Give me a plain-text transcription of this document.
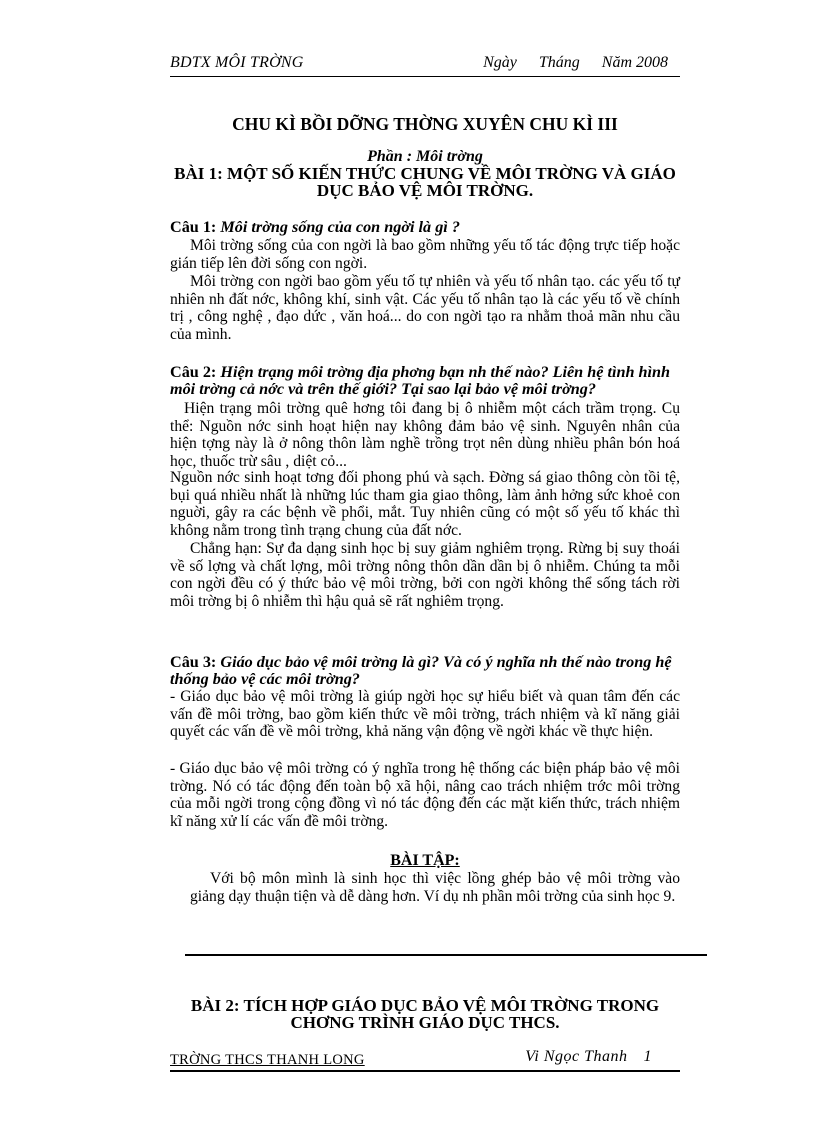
BDTX MÔI TRỜNG	Ngày Tháng Năm 2008
CHU KÌ BỒI DỠNG THỜNG XUYÊN CHU KÌ III
Phần : Môi trờng
BÀI 1: MỘT SỐ KIẾN THỨC CHUNG VỀ MÔI TRỜNG VÀ GIÁO
DỤC BẢO VỆ MÔI TRỜNG.
Câu 1: Môi trờng sống của con ngời là gì ?
Môi trờng sống của con ngời là bao gồm những yếu tố tác động trực tiếp hoặc gián tiếp lên đời sống con ngời.
Môi trờng con ngời bao gồm yếu tố tự nhiên và yếu tố nhân tạo. các yếu tố tự nhiên nh đất nớc, không khí, sinh vật. Các yếu tố nhân tạo là các yếu tố về chính trị , công nghệ , đạo dức , văn hoá... do con ngời tạo ra nhằm thoả mãn nhu cầu của mình.
Câu 2: Hiện trạng môi trờng địa phơng bạn nh thế nào? Liên hệ tình hình môi trờng cả nớc và trên thế giới? Tại sao lại bảo vệ môi trờng?
Hiện trạng môi trờng quê hơng tôi đang bị ô nhiễm một cách trầm trọng. Cụ thể: Nguồn nớc sinh hoạt hiện nay không đảm bảo vệ sinh. Nguyên nhân của hiện tợng này là ở nông thôn làm nghề trồng trọt nên dùng nhiều phân bón hoá học, thuốc trừ sâu , diệt cỏ...
Nguồn nớc sinh hoạt tơng đối phong phú và sạch. Đờng sá giao thông còn tồi tệ, bụi quá nhiều nhất là những lúc tham gia giao thông, làm ảnh hởng sức khoẻ con nguời, gây ra các bệnh về phổi, mắt. Tuy nhiên cũng có một số yếu tố khác thì không nằm trong tình trạng chung của đất nớc.
Chẳng hạn: Sự đa dạng sinh học bị suy giảm nghiêm trọng. Rừng bị suy thoái về số lợng và chất lợng, môi trờng nông thôn dần dần bị ô nhiễm. Chúng ta mỗi con ngời đều có ý thức bảo vệ môi trờng, bởi con ngời không thể sống tách rời môi trờng bị ô nhiễm thì hậu quả sẽ rất nghiêm trọng.
Câu 3: Giáo dục bảo vệ môi trờng là gì? Và có ý nghĩa nh thế nào trong hệ thống bảo vệ các môi trờng?
- Giáo dục bảo vệ môi trờng là giúp ngời học sự hiểu biết và quan tâm đến các vấn đề môi trờng, bao gồm kiến thức về môi trờng, trách nhiệm và kĩ năng giải quyết các vấn đề về môi trờng, khả năng vận động về ngời khác về thực hiện.
- Giáo dục bảo vệ môi trờng có ý nghĩa trong hệ thống các biện pháp bảo vệ môi trờng. Nó có tác động đến toàn bộ xã hội, nâng cao trách nhiệm trớc môi trờng của mỗi ngời trong cộng đồng vì nó tác động đến các mặt kiến thức, trách nhiệm kĩ năng xử lí các vấn đề môi trờng.
BÀI TẬP:
Với bộ môn mình là sinh học thì việc lồng ghép bảo vệ môi trờng vào giảng dạy thuận tiện và dễ dàng hơn. Ví dụ nh phần môi trờng của sinh học 9.
BÀI 2: TÍCH HỢP GIÁO DỤC BẢO VỆ MÔI TRỜNG TRONG
CHƠNG TRÌNH GIÁO DỤC THCS.
TRỜNG THCS THANH LONG	Vi Ngọc Thanh 1
